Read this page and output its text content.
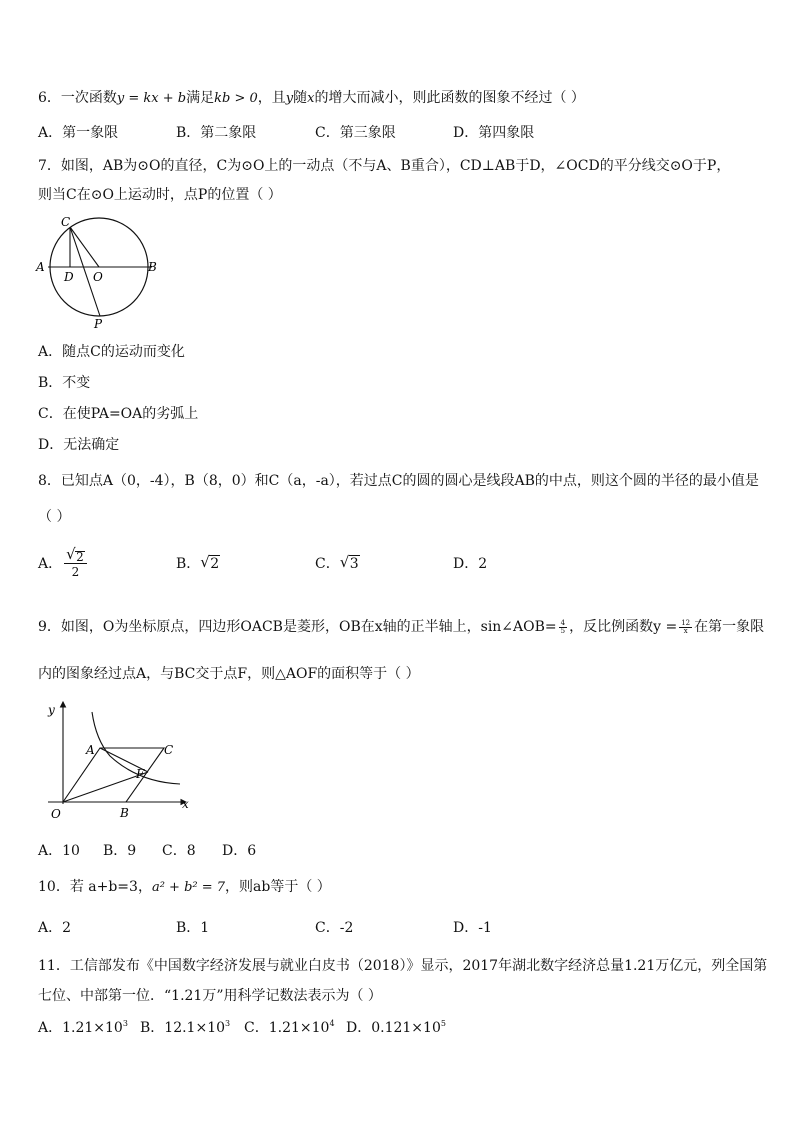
6．一次函数y = kx + b满足kb > 0，且y随x的增大而减小，则此函数的图象不经过（ ）
A．第一象限	B．第二象限	C．第三象限	D．第四象限
7．如图，AB为⊙O的直径，C为⊙O上的一动点（不与A、B重合），CD⊥AB于D，∠OCD的平分线交⊙O于P，
则当C在⊙O上运动时，点P的位置（ ）
C
A
D O
B
P
A．随点C的运动而变化
B．不变
C．在使PA=OA的劣弧上
D．无法确定
8．已知点A（0，-4），B（8，0）和C（a，-a），若过点C的圆的圆心是线段AB的中点，则这个圆的半径的最小值是
（ ）
A． $\frac{√ 2}{2}$	B． √ 2	C． √ 3	D．2
9．如图，O为坐标原点，四边形OACB是菱形，OB在x轴的正半轴上，sin∠AOB= $\frac{4}{5}$ ，反比例函数$y = \frac{12}{x}$ 在第一象限
内的图象经过点A，与BC交于点F，则△AOF的面积等于（ ）
y
x
O
A	C
F
B
A．10 B．9 C．8 D．6
10．若 a+b=3，a² + b² = 7，则ab等于（ ）
A．2	B．1	C．-2	D．-1
11．工信部发布《中国数字经济发展与就业白皮书（2018）》显示，2017年湖北数字经济总量1.21万亿元，列全国第
七位、中部第一位．“1.21万”用科学记数法表示为（ ）
A．$1.21\times 10^3$ B．$12.1\times 10^3$ C．$1.21\times 10^4$ D．$0.121\times 10^5$
